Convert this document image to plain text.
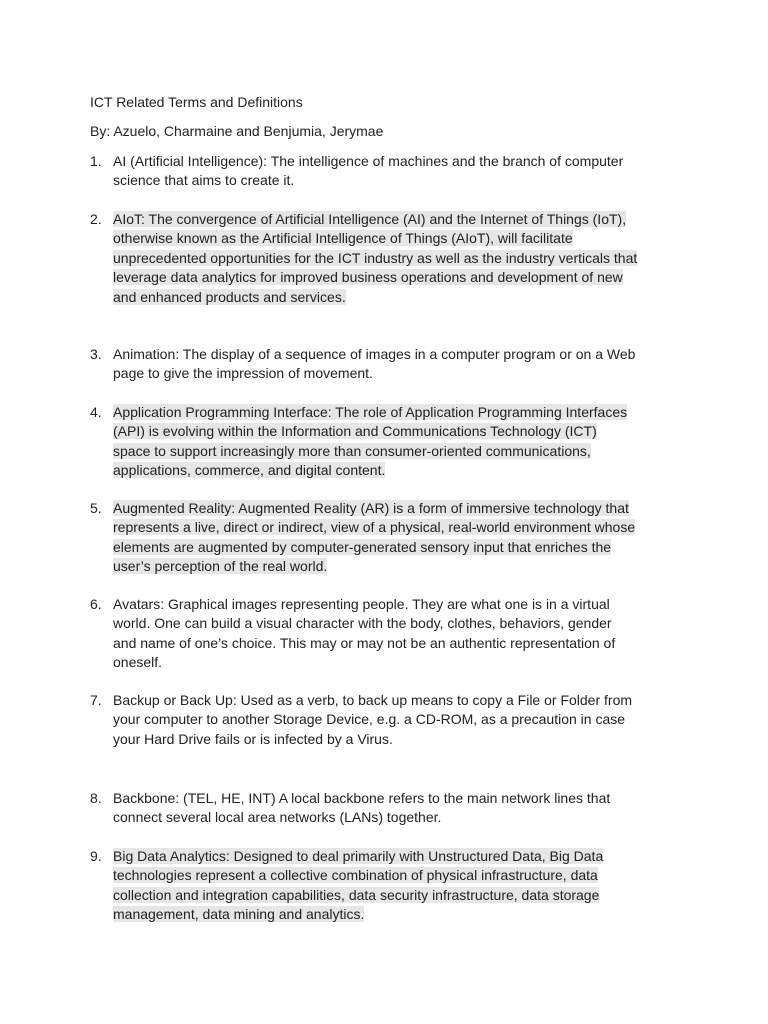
ICT Related Terms and Definitions
By: Azuelo, Charmaine and Benjumia, Jerymae
1. AI (Artificial Intelligence): The intelligence of machines and the branch of computer
science that aims to create it.
2. AIoT: The convergence of Artificial Intelligence (AI) and the Internet of Things (IoT),
otherwise known as the Artificial Intelligence of Things (AIoT), will facilitate
unprecedented opportunities for the ICT industry as well as the industry verticals that
leverage data analytics for improved business operations and development of new
and enhanced products and services.
3. Animation: The display of a sequence of images in a computer program or on a Web
page to give the impression of movement.
4. Application Programming Interface: The role of Application Programming Interfaces
(API) is evolving within the Information and Communications Technology (ICT)
space to support increasingly more than consumer-oriented communications,
applications, commerce, and digital content.
5. Augmented Reality: Augmented Reality (AR) is a form of immersive technology that
represents a live, direct or indirect, view of a physical, real-world environment whose
elements are augmented by computer-generated sensory input that enriches the
user’s perception of the real world.
6. Avatars: Graphical images representing people. They are what one is in a virtual
world. One can build a visual character with the body, clothes, behaviors, gender
and name of one’s choice. This may or may not be an authentic representation of
oneself.
7. Backup or Back Up: Used as a verb, to back up means to copy a File or Folder from
your computer to another Storage Device, e.g. a CD-ROM, as a precaution in case
your Hard Drive fails or is infected by a Virus.
8. Backbone: (TEL, HE, INT) A local backbone refers to the main network lines that
connect several local area networks (LANs) together.
9. Big Data Analytics: Designed to deal primarily with Unstructured Data, Big Data
technologies represent a collective combination of physical infrastructure, data
collection and integration capabilities, data security infrastructure, data storage
management, data mining and analytics.
